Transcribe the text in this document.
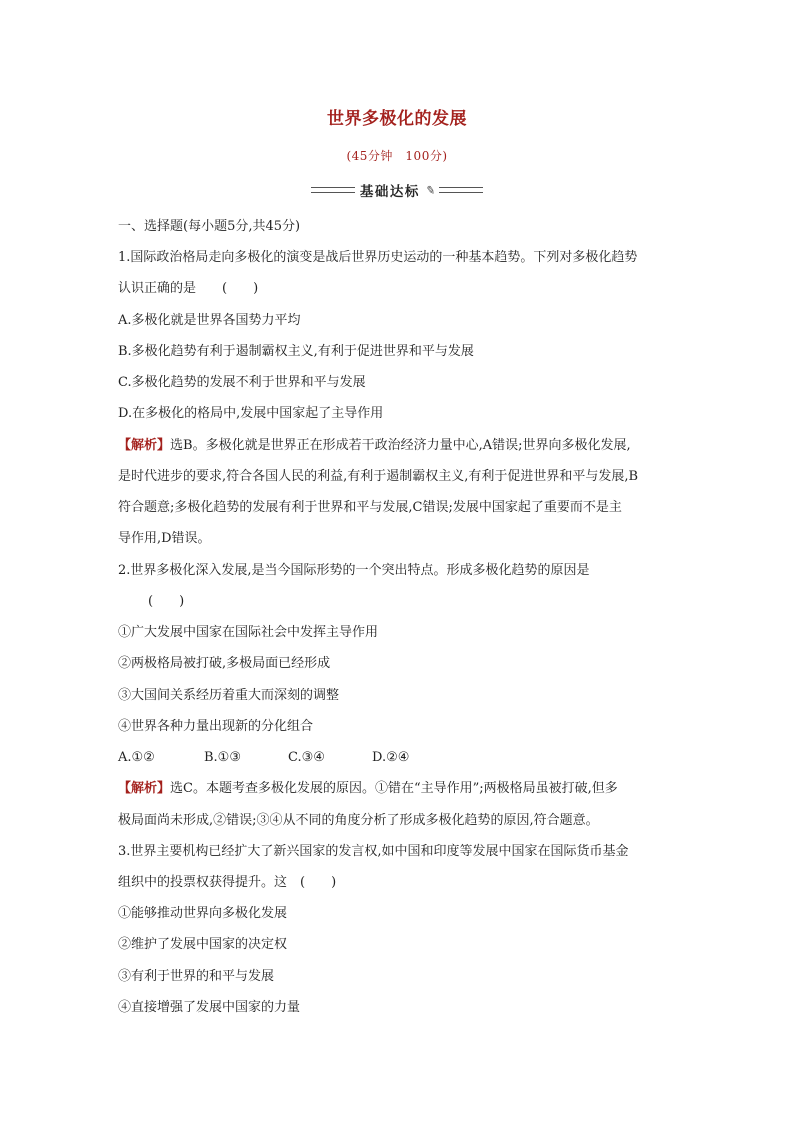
世界多极化的发展
(45分钟　100分)
基础达标 ✎
一、选择题(每小题5分,共45分)
1.国际政治格局走向多极化的演变是战后世界历史运动的一种基本趋势。下列对多极化趋势
认识正确的是　　(　　)
A.多极化就是世界各国势力平均
B.多极化趋势有利于遏制霸权主义,有利于促进世界和平与发展
C.多极化趋势的发展不利于世界和平与发展
D.在多极化的格局中,发展中国家起了主导作用
【解析】选B。多极化就是世界正在形成若干政治经济力量中心,A错误;世界向多极化发展,
是时代进步的要求,符合各国人民的利益,有利于遏制霸权主义,有利于促进世界和平与发展,B
符合题意;多极化趋势的发展有利于世界和平与发展,C错误;发展中国家起了重要而不是主
导作用,D错误。
2.世界多极化深入发展,是当今国际形势的一个突出特点。形成多极化趋势的原因是
(　　)
①广大发展中国家在国际社会中发挥主导作用
②两极格局被打破,多极局面已经形成
③大国间关系经历着重大而深刻的调整
④世界各种力量出现新的分化组合
A.①②	B.①③	C.③④	D.②④
【解析】选C。本题考查多极化发展的原因。①错在“主导作用”;两极格局虽被打破,但多
极局面尚未形成,②错误;③④从不同的角度分析了形成多极化趋势的原因,符合题意。
3.世界主要机构已经扩大了新兴国家的发言权,如中国和印度等发展中国家在国际货币基金
组织中的投票权获得提升。这　(　　)
①能够推动世界向多极化发展
②维护了发展中国家的决定权
③有利于世界的和平与发展
④直接增强了发展中国家的力量
